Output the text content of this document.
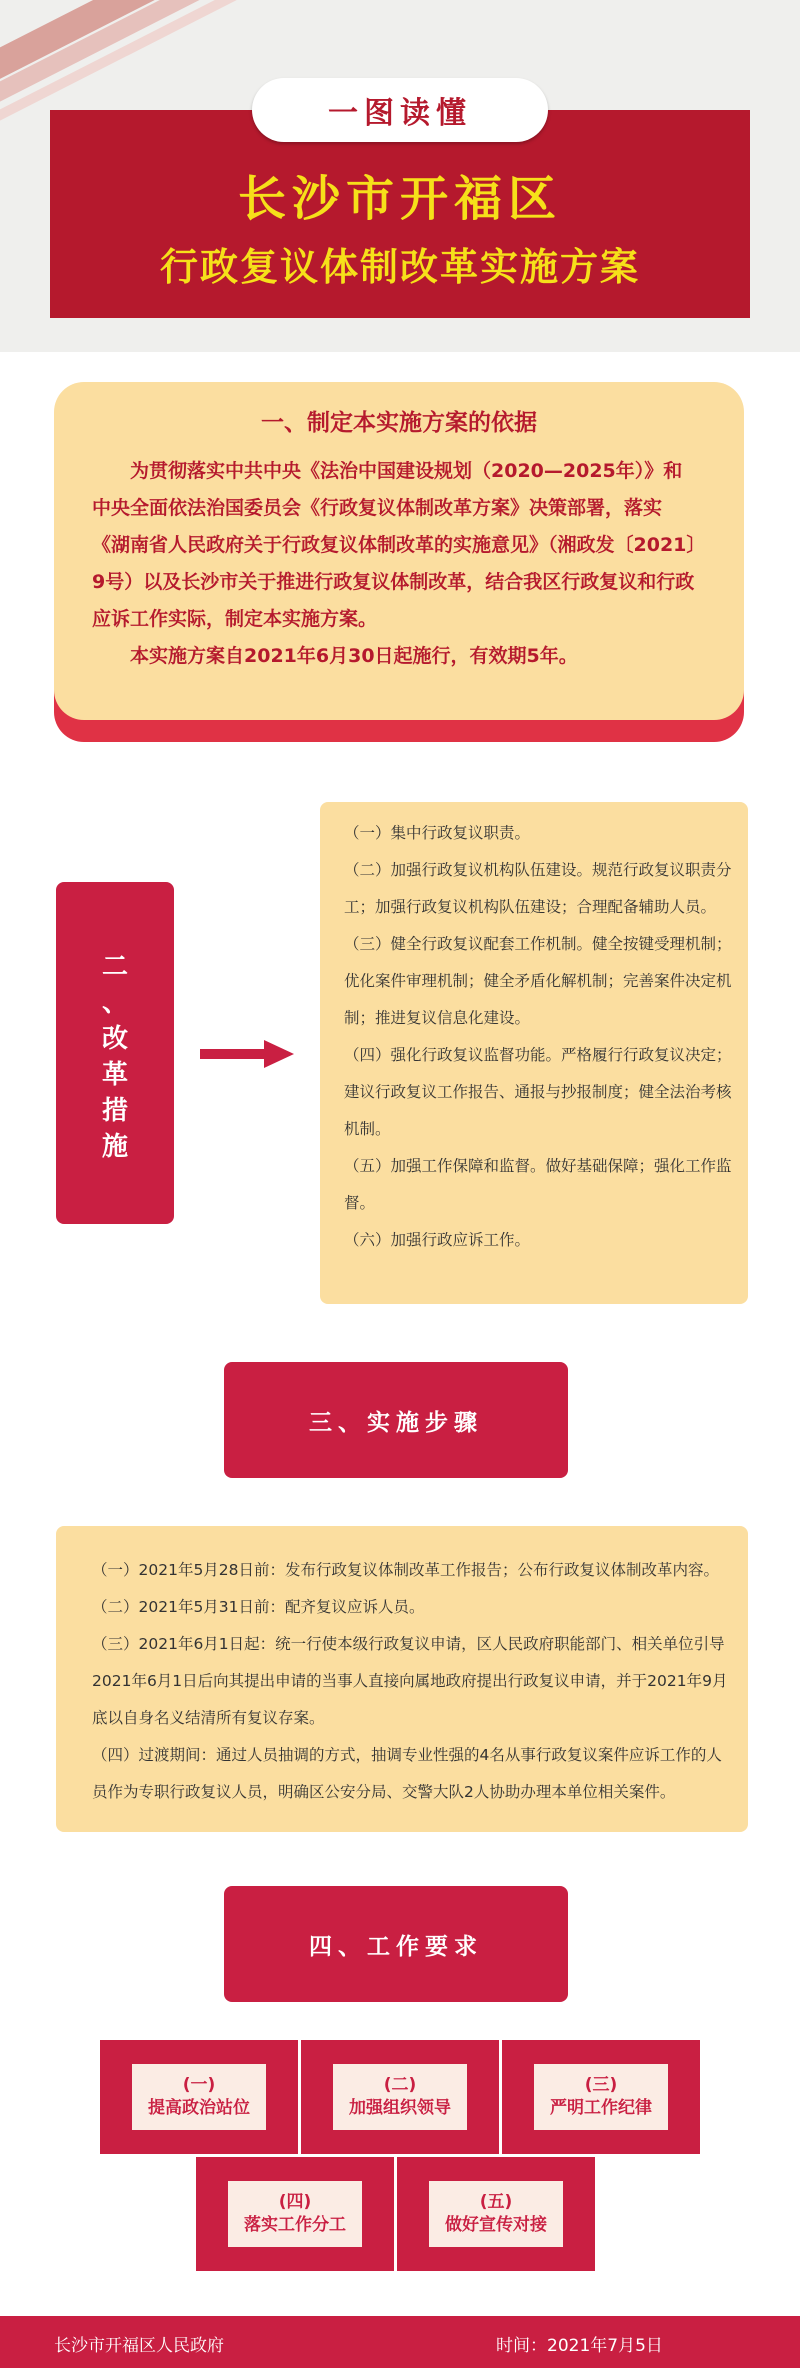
一图读懂
长沙市开福区
行政复议体制改革实施方案
一、制定本实施方案的依据

为贯彻落实中共中央《法治中国建设规划（2020—2025年）》和中央全面依法治国委员会《行政复议体制改革方案》决策部署，落实《湖南省人民政府关于行政复议体制改革的实施意见》（湘政发〔2021〕9号）以及长沙市关于推进行政复议体制改革，结合我区行政复议和行政应诉工作实际，制定本实施方案。

本实施方案自2021年6月30日起施行，有效期5年。

二
、
改
革
措
施

（一）集中行政复议职责。

（二）加强行政复议机构队伍建设。规范行政复议职责分工；加强行政复议机构队伍建设；合理配备辅助人员。

（三）健全行政复议配套工作机制。健全按键受理机制；优化案件审理机制；健全矛盾化解机制；完善案件决定机制；推进复议信息化建设。

（四）强化行政复议监督功能。严格履行行政复议决定；建议行政复议工作报告、通报与抄报制度；健全法治考核机制。

（五）加强工作保障和监督。做好基础保障；强化工作监督。

（六）加强行政应诉工作。

三、实施步骤

（一）2021年5月28日前：发布行政复议体制改革工作报告；公布行政复议体制改革内容。

（二）2021年5月31日前：配齐复议应诉人员。

（三）2021年6月1日起：统一行使本级行政复议申请，区人民政府职能部门、相关单位引导2021年6月1日后向其提出申请的当事人直接向属地政府提出行政复议申请，并于2021年9月底以自身名义结清所有复议存案。

（四）过渡期间：通过人员抽调的方式，抽调专业性强的4名从事行政复议案件应诉工作的人员作为专职行政复议人员，明确区公安分局、交警大队2人协助办理本单位相关案件。

四、工作要求
(一)
提高政治站位
(二)
加强组织领导
(三)
严明工作纪律
(四)
落实工作分工
(五)
做好宣传对接
长沙市开福区人民政府	时间：2021年7月5日
